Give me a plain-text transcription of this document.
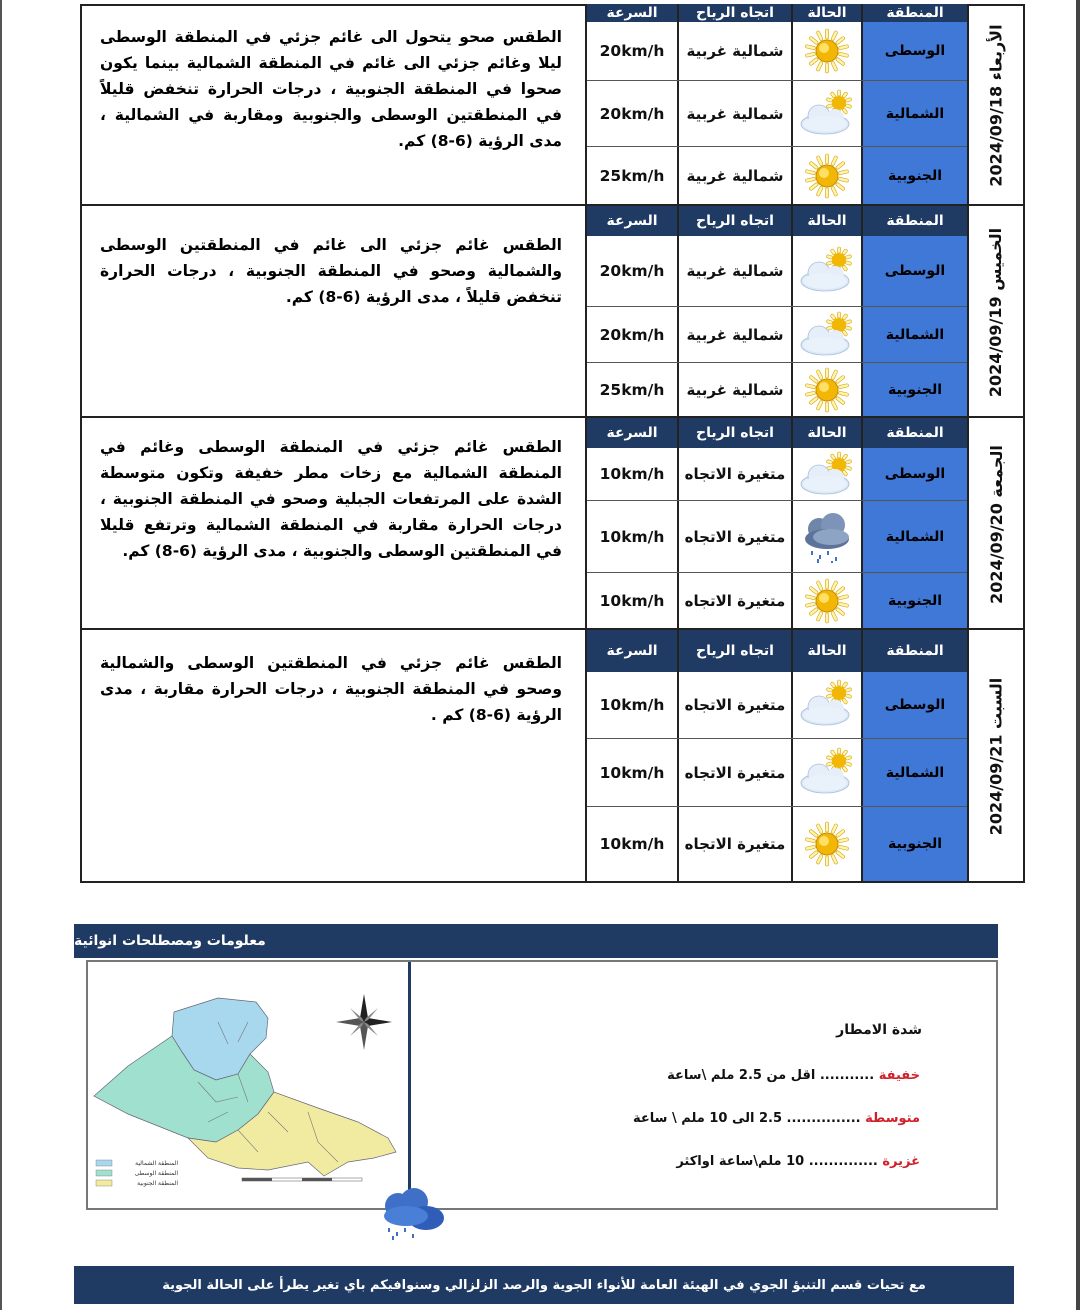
الطقس صحو يتحول الى غائم جزئي في المنطقة الوسطى ليلا وغائم جزئي الى غائم في المنطقة الشمالية بينما يكون صحوا في المنطقة الجنوبية ، درجات الحرارة تنخفض قليلاً في المنطقتين الوسطى والجنوبية ومقاربة في الشمالية ، مدى الرؤية (6-8) كم.
السرعة	اتجاه الرياح	الحالة	المنطقة
20km/h	شمالية غربية	الوسطى
20km/h	شمالية غربية	الشمالية
25km/h	شمالية غربية	الجنوبية	الأربعاء 2024/09/18
الطقس غائم جزئي الى غائم في المنطقتين الوسطى والشمالية وصحو في المنطقة الجنوبية ، درجات الحرارة تنخفض قليلاً ، مدى الرؤية (6-8) كم.
السرعة	اتجاه الرياح	الحالة	المنطقة
20km/h	شمالية غربية	الوسطى
20km/h	شمالية غربية	الشمالية
25km/h	شمالية غربية	الجنوبية	الخميس 2024/09/19
الطقس غائم جزئي في المنطقة الوسطى وغائم في المنطقة الشمالية مع زخات مطر خفيفة وتكون متوسطة الشدة على المرتفعات الجبلية وصحو في المنطقة الجنوبية ، درجات الحرارة مقاربة في المنطقة الشمالية وترتفع قليلا في المنطقتين الوسطى والجنوبية ، مدى الرؤية (6-8) كم.
السرعة	اتجاه الرياح	الحالة	المنطقة
10km/h	متغيرة الاتجاه	الوسطى
10km/h	متغيرة الاتجاه	الشمالية
10km/h	متغيرة الاتجاه	الجنوبية	الجمعة 2024/09/20
الطقس غائم جزئي في المنطقتين الوسطى والشمالية وصحو في المنطقة الجنوبية ، درجات الحرارة مقاربة ، مدى الرؤية (6-8) كم .
السرعة	اتجاه الرياح	الحالة	المنطقة
10km/h	متغيرة الاتجاه	الوسطى
10km/h	متغيرة الاتجاه	الشمالية
10km/h	متغيرة الاتجاه	الجنوبية
السبت 2024/09/21
معلومات ومصطلحات انوائية
المنطقة الشمالية
المنطقة الوسطى
المنطقة الجنوبية
شدة الامطار
خفيفة ........... اقل من 2.5 ملم \ساعة
متوسطة ............... 2.5 الى 10 ملم \ ساعة
غزيرة .............. 10 ملم\ساعة اواكثر
مع تحيات قسم التنبؤ الجوي في الهيئة العامة للأنواء الجوية والرصد الزلزالي وسنوافيكم باي تغير يطرأ على الحالة الجوية
